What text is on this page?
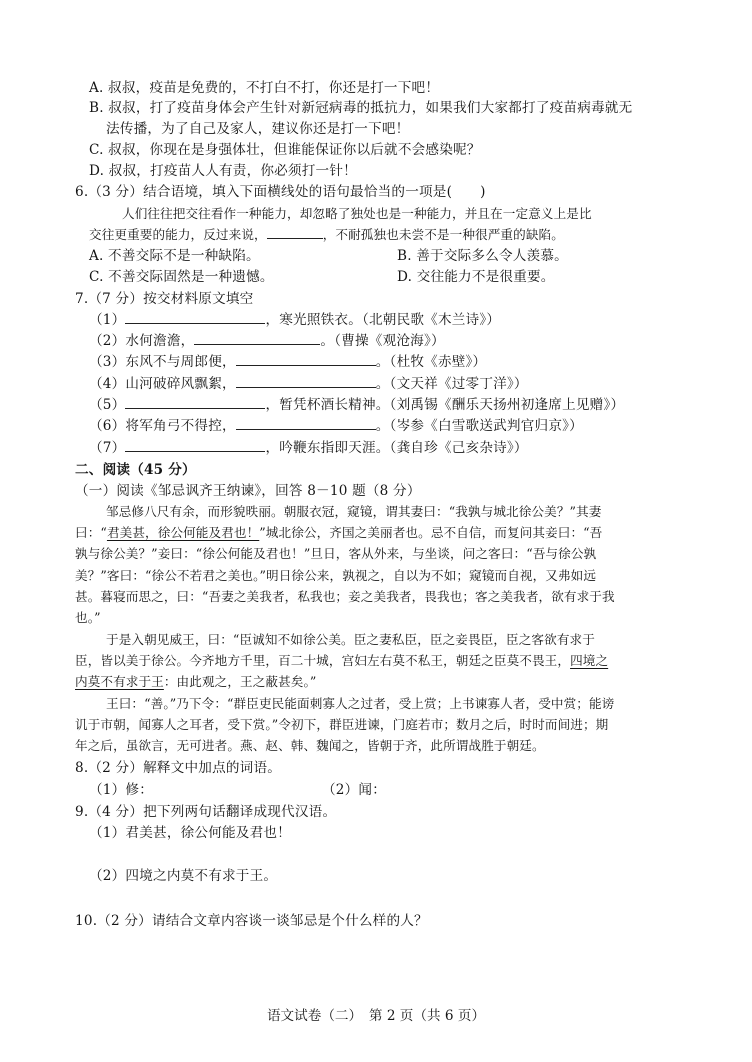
A. 叔叔，疫苗是免费的，不打白不打，你还是打一下吧！
B. 叔叔，打了疫苗身体会产生针对新冠病毒的抵抗力，如果我们大家都打了疫苗病毒就无
法传播，为了自己及家人，建议你还是打一下吧！
C. 叔叔，你现在是身强体壮，但谁能保证你以后就不会感染呢？
D. 叔叔，打疫苗人人有责，你必须打一针！
6.（3 分）结合语境，填入下面横线处的语句最恰当的一项是( )
人们往往把交往看作一种能力，却忽略了独处也是一种能力，并且在一定意义上是比
交往更重要的能力，反过来说，	，不耐孤独也未尝不是一种很严重的缺陷。
A. 不善交际不是一种缺陷。	B. 善于交际多么令人羡慕。
C. 不善交际固然是一种遗憾。	D. 交往能力不是很重要。
7.（7 分）按交材料原文填空
（1）	，寒光照铁衣。（北朝民歌《木兰诗》）
（2）水何澹澹，	。（曹操《观沧海》）
（3）东风不与周郎便，	。（杜牧《赤壁》）
（4）山河破碎风飘絮，	。（文天祥《过零丁洋》）
（5）	，暂凭杯酒长精神。（刘禹锡《酬乐天扬州初逢席上见赠》）
（6）将军角弓不得控，	。（岑参《白雪歌送武判官归京》）
（7）	，吟鞭东指即天涯。（龚自珍《己亥杂诗》）
二、阅读（45 分）
（一）阅读《邹忌讽齐王纳谏》，回答 8－10 题（8 分）
邹忌修八尺有余，而形貌昳丽。朝服衣冠，窥镜，谓其妻曰：“我孰与城北徐公美？”其妻
曰：“君美甚，徐公何能及君也！”城北徐公，齐国之美丽者也。忌不自信，而复问其妾曰：“吾
孰与徐公美？”妾曰：“徐公何能及君也！”旦日，客从外来，与坐谈，问之客曰：“吾与徐公孰
美？”客曰：“徐公不若君之美也。”明日徐公来，孰视之，自以为不如；窥镜而自视，又弗如远
甚。暮寝而思之，曰：“吾妻之美我者，私我也；妾之美我者，畏我也；客之美我者，欲有求于我
也。”
于是入朝见威王，曰：“臣诚知不如徐公美。臣之妻私臣，臣之妾畏臣，臣之客欲有求于
臣，皆以美于徐公。今齐地方千里，百二十城，宫妇左右莫不私王，朝廷之臣莫不畏王，四境之
内莫不有求于王：由此观之，王之蔽甚矣。”
王曰：“善。”乃下令：“群臣吏民能面刺寡人之过者，受上赏；上书谏寡人者，受中赏；能谤
讥于市朝，闻寡人之耳者，受下赏。”令初下，群臣进谏，门庭若市；数月之后，时时而间进；期
年之后，虽欲言，无可进者。燕、赵、韩、魏闻之，皆朝于齐，此所谓战胜于朝廷。
8.（2 分）解释文中加点的词语。
（1）修：	（2）闻：
9.（4 分）把下列两句话翻译成现代汉语。
（1）君美甚，徐公何能及君也！
（2）四境之内莫不有求于王。
10.（2 分）请结合文章内容谈一谈邹忌是个什么样的人？
语文试卷（二）　第 2 页（共 6 页）
